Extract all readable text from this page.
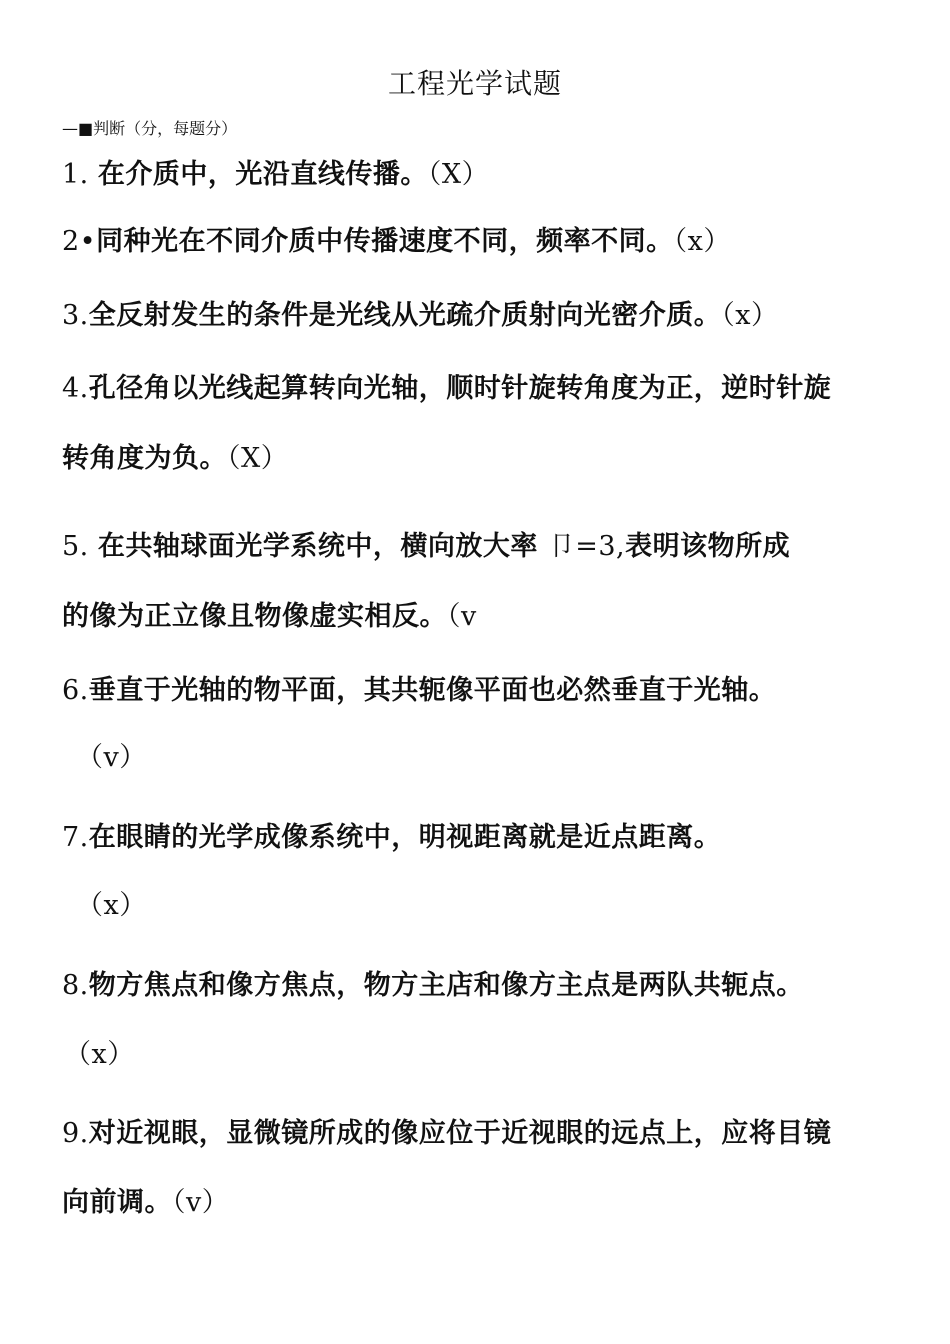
工程光学试题
—■判断（分，每题分）
1. 在介质中，光沿直线传播。（X）
2•同种光在不同介质中传播速度不同，频率不同。（x）
3.全反射发生的条件是光线从光疏介质射向光密介质。（x）
4.孔径角以光线起算转向光轴，顺时针旋转角度为正，逆时针旋
转角度为负。（X）
5. 在共轴球面光学系统中，横向放大率 卩=3,表明该物所成
的像为正立像且物像虚实相反。（v
6.垂直于光轴的物平面，其共轭像平面也必然垂直于光轴。
（v）
7.在眼睛的光学成像系统中，明视距离就是近点距离。
（x）
8.物方焦点和像方焦点，物方主店和像方主点是两队共轭点。
（x）
9.对近视眼，显微镜所成的像应位于近视眼的远点上，应将目镜
向前调。（v）
